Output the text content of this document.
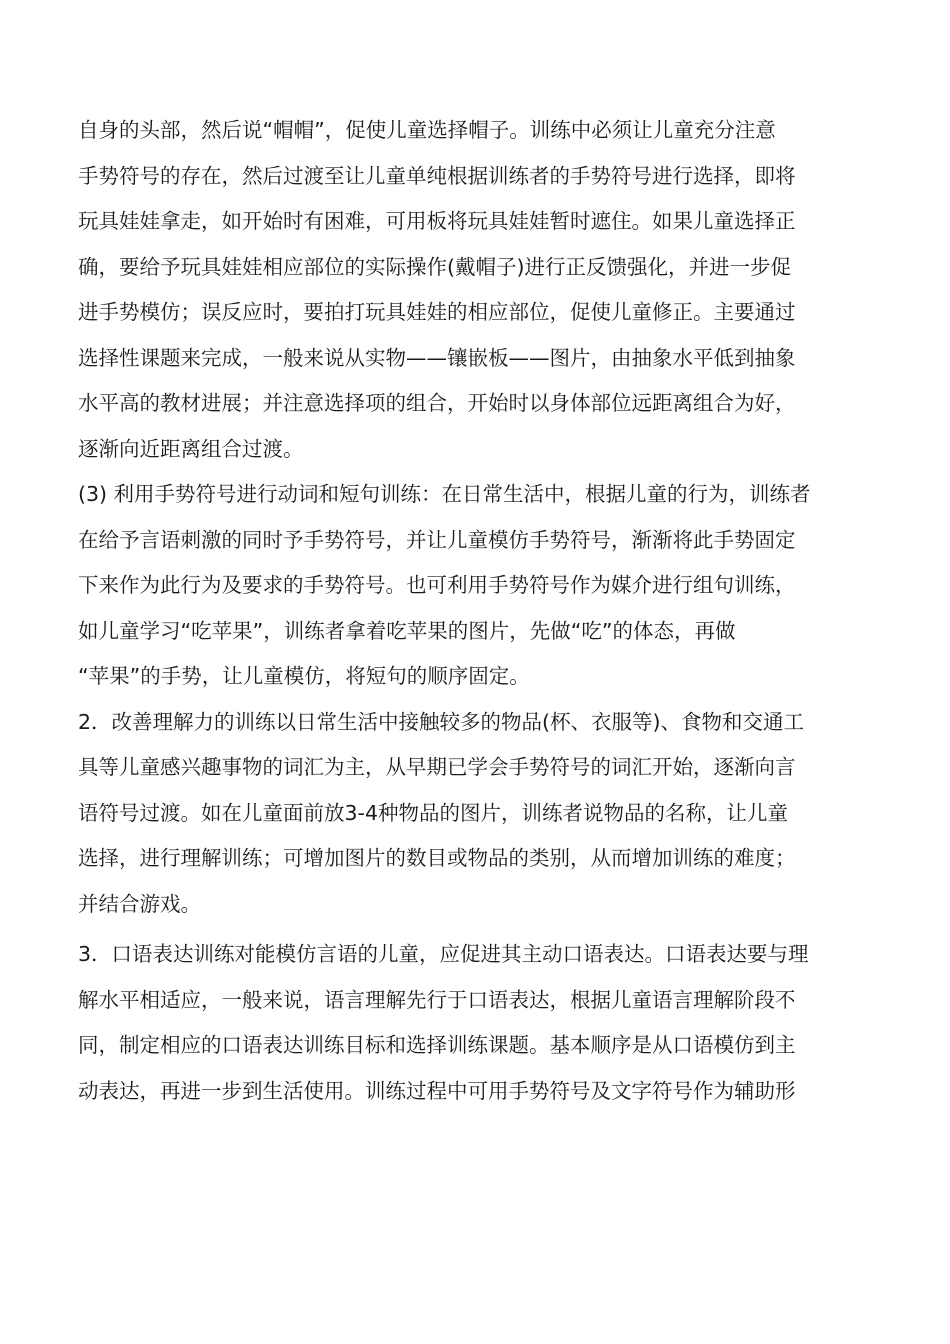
自身的头部，然后说“帽帽”，促使儿童选择帽子。训练中必须让儿童充分注意
手势符号的存在，然后过渡至让儿童单纯根据训练者的手势符号进行选择，即将
玩具娃娃拿走，如开始时有困难，可用板将玩具娃娃暂时遮住。如果儿童选择正
确，要给予玩具娃娃相应部位的实际操作(戴帽子)进行正反馈强化，并进一步促
进手势模仿；误反应时，要拍打玩具娃娃的相应部位，促使儿童修正。主要通过
选择性课题来完成，一般来说从实物——镶嵌板——图片，由抽象水平低到抽象
水平高的教材进展；并注意选择项的组合，开始时以身体部位远距离组合为好，
逐渐向近距离组合过渡。
(3) 利用手势符号进行动词和短句训练：在日常生活中，根据儿童的行为，训练者
在给予言语刺激的同时予手势符号，并让儿童模仿手势符号，渐渐将此手势固定
下来作为此行为及要求的手势符号。也可利用手势符号作为媒介进行组句训练，
如儿童学习“吃苹果”，训练者拿着吃苹果的图片，先做“吃”的体态，再做
“苹果”的手势，让儿童模仿，将短句的顺序固定。
2．改善理解力的训练以日常生活中接触较多的物品(杯、衣服等)、食物和交通工
具等儿童感兴趣事物的词汇为主，从早期已学会手势符号的词汇开始，逐渐向言
语符号过渡。如在儿童面前放3-4种物品的图片，训练者说物品的名称，让儿童
选择，进行理解训练；可增加图片的数目或物品的类别，从而增加训练的难度；
并结合游戏。
3．口语表达训练对能模仿言语的儿童，应促进其主动口语表达。口语表达要与理
解水平相适应，一般来说，语言理解先行于口语表达，根据儿童语言理解阶段不
同，制定相应的口语表达训练目标和选择训练课题。基本顺序是从口语模仿到主
动表达，再进一步到生活使用。训练过程中可用手势符号及文字符号作为辅助形
